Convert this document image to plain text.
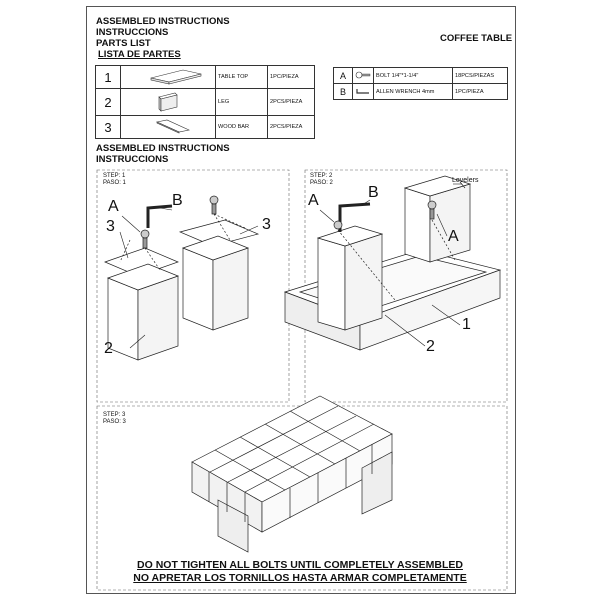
ASSEMBLED INSTRUCTIONS
INSTRUCCIONS
PARTS LIST
LISTA DE PARTES
COFFEE TABLE
1		TABLE TOP	1PC/PIEZA
2		LEG	2PCS/PIEZA
3		WOOD BAR	2PCS/PIEZA
A		BOLT 1/4"*1-1/4"	18PCS/PIEZAS
B		ALLEN WRENCH 4mm	1PC/PIEZA
ASSEMBLED INSTRUCTIONS
INSTRUCCIONS
STEP: 1
PASO: 1
STEP: 2
PASO: 2
STEP: 3
PASO: 3
Levelers
A	B
3	3
2
A	B
A
1
2
DO NOT TIGHTEN ALL BOLTS UNTIL COMPLETELY ASSEMBLED
NO APRETAR LOS TORNILLOS HASTA ARMAR COMPLETAMENTE
